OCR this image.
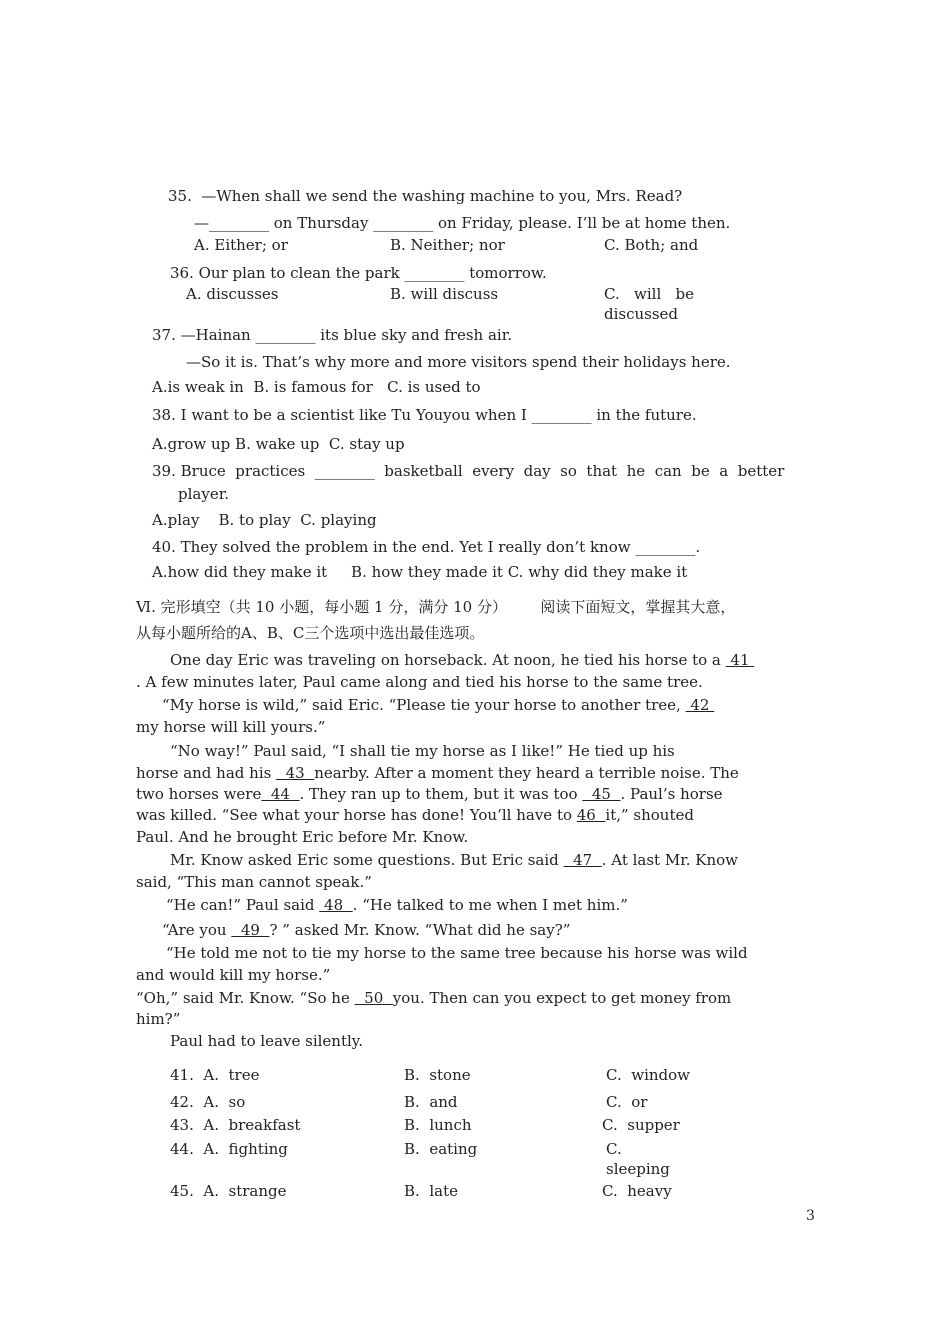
35.  —When shall we send the washing machine to you, Mrs. Read?
—________ on Thursday ________ on Friday, please. I’ll be at home then.
A. Either; or	B. Neither; nor	C. Both; and
36. Our plan to clean the park ________ tomorrow.
A. discusses	B. will discuss	C.   will   be
discussed
37. —Hainan ________ its blue sky and fresh air.
—So it is. That’s why more and more visitors spend their holidays here.
A.is weak in  B. is famous for   C. is used to
38. I want to be a scientist like Tu Youyou when I ________ in the future.
A.grow up B. wake up  C. stay up
39. Bruce  practices  ________  basketball  every  day  so  that  he  can  be  a  better
player.
A.play    B. to play  C. playing
40. They solved the problem in the end. Yet I really don’t know ________.
A.how did they make it     B. how they made it C. why did they make it
Ⅵ. 完形填空（共 10 小题，每小题 1 分，满分 10 分）       阅读下面短文，掌握其大意，
从每小题所给的A、B、C三个选项中选出最佳选项。
One day Eric was traveling on horseback. At noon, he tied his horse to a  41
. A few minutes later, Paul came along and tied his horse to the same tree.
“My horse is wild,” said Eric. “Please tie your horse to another tree,  42
my horse will kill yours.”
“No way!” Paul said, “I shall tie my horse as I like!” He tied up his
horse and had his   43  nearby. After a moment they heard a terrible noise. The
two horses were  44  . They ran up to them, but it was too   45  . Paul’s horse
was killed. “See what your horse has done! You’ll have to 46  it,” shouted
Paul. And he brought Eric before Mr. Know.
Mr. Know asked Eric some questions. But Eric said   47  . At last Mr. Know
said, “This man cannot speak.”
“He can!” Paul said  48  . “He talked to me when I met him.”
“Are you   49  ? ” asked Mr. Know. “What did he say?”
“He told me not to tie my horse to the same tree because his horse was wild
and would kill my horse.”
“Oh,” said Mr. Know. “So he   50  you. Then can you expect to get money from
him?”
Paul had to leave silently.
41.  A.  tree	B.  stone	C.  window
42.  A.  so	B.  and	C.  or
43.  A.  breakfast	B.  lunch	C.  supper
44.  A.  fighting	B.  eating	C.
sleeping
45.  A.  strange	B.  late	C.  heavy
3
